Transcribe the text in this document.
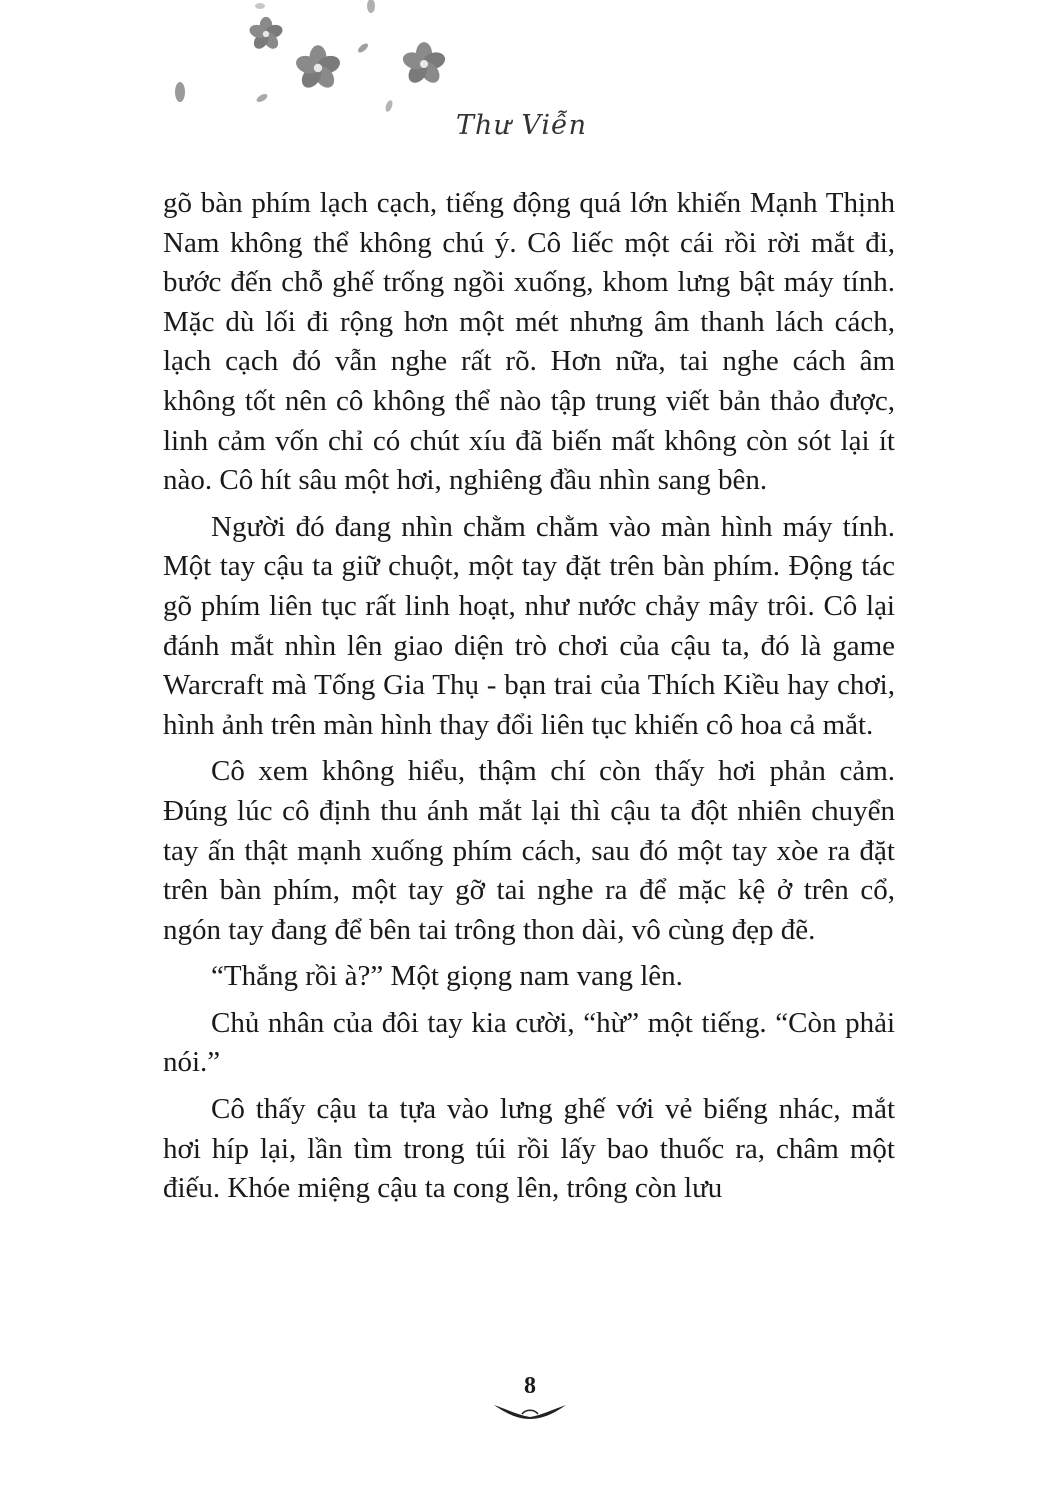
Thư Viễn

gõ bàn phím lạch cạch, tiếng động quá lớn khiến Mạnh Thịnh Nam không thể không chú ý. Cô liếc một cái rồi rời mắt đi, bước đến chỗ ghế trống ngồi xuống, khom lưng bật máy tính. Mặc dù lối đi rộng hơn một mét nhưng âm thanh lách cách, lạch cạch đó vẫn nghe rất rõ. Hơn nữa, tai nghe cách âm không tốt nên cô không thể nào tập trung viết bản thảo được, linh cảm vốn chỉ có chút xíu đã biến mất không còn sót lại ít nào. Cô hít sâu một hơi, nghiêng đầu nhìn sang bên.

Người đó đang nhìn chằm chằm vào màn hình máy tính. Một tay cậu ta giữ chuột, một tay đặt trên bàn phím. Động tác gõ phím liên tục rất linh hoạt, như nước chảy mây trôi. Cô lại đánh mắt nhìn lên giao diện trò chơi của cậu ta, đó là game Warcraft mà Tống Gia Thụ - bạn trai của Thích Kiều hay chơi, hình ảnh trên màn hình thay đổi liên tục khiến cô hoa cả mắt.

Cô xem không hiểu, thậm chí còn thấy hơi phản cảm. Đúng lúc cô định thu ánh mắt lại thì cậu ta đột nhiên chuyển tay ấn thật mạnh xuống phím cách, sau đó một tay xòe ra đặt trên bàn phím, một tay gỡ tai nghe ra để mặc kệ ở trên cổ, ngón tay đang để bên tai trông thon dài, vô cùng đẹp đẽ.

“Thắng rồi à?” Một giọng nam vang lên.

Chủ nhân của đôi tay kia cười, “hừ” một tiếng. “Còn phải nói.”

Cô thấy cậu ta tựa vào lưng ghế với vẻ biếng nhác, mắt hơi híp lại, lần tìm trong túi rồi lấy bao thuốc ra, châm một điếu. Khóe miệng cậu ta cong lên, trông còn lưu

8
